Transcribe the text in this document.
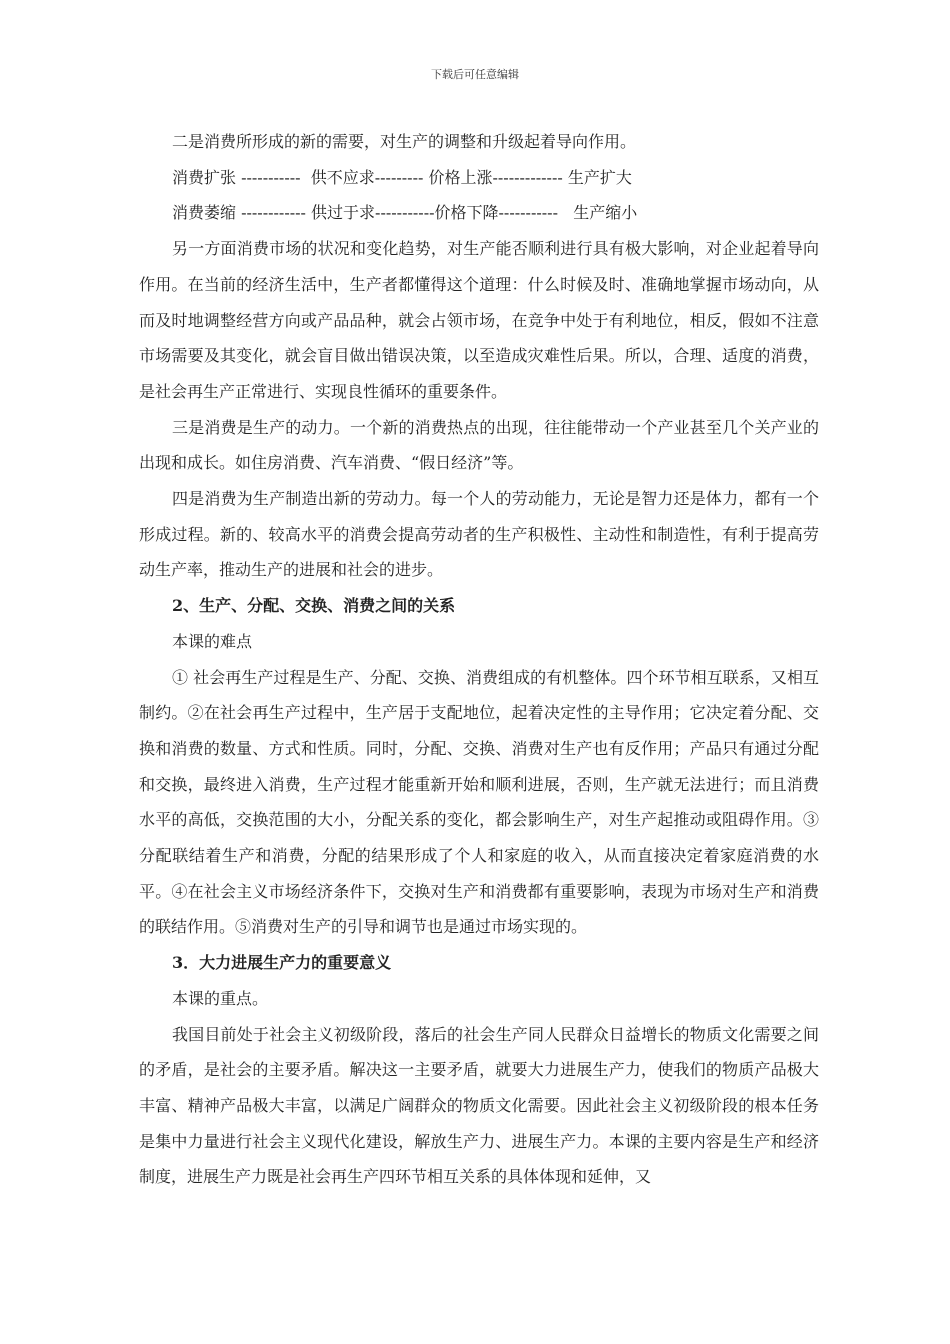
下载后可任意编辑

二是消费所形成的新的需要，对生产的调整和升级起着导向作用。

消费扩张 -----------  供不应求--------- 价格上涨------------- 生产扩大

消费萎缩 ------------ 供过于求-----------价格下降-----------   生产缩小

另一方面消费市场的状况和变化趋势，对生产能否顺利进行具有极大影响，对企业起着导向作用。在当前的经济生活中，生产者都懂得这个道理：什么时候及时、准确地掌握市场动向，从而及时地调整经营方向或产品品种，就会占领市场，在竞争中处于有利地位，相反，假如不注意市场需要及其变化，就会盲目做出错误决策，以至造成灾难性后果。所以，合理、适度的消费，是社会再生产正常进行、实现良性循环的重要条件。

三是消费是生产的动力。一个新的消费热点的出现，往往能带动一个产业甚至几个关产业的出现和成长。如住房消费、汽车消费、“假日经济”等。

四是消费为生产制造出新的劳动力。每一个人的劳动能力，无论是智力还是体力，都有一个形成过程。新的、较高水平的消费会提高劳动者的生产积极性、主动性和制造性，有利于提高劳动生产率，推动生产的进展和社会的进步。

2、生产、分配、交换、消费之间的关系

本课的难点

① 社会再生产过程是生产、分配、交换、消费组成的有机整体。四个环节相互联系，又相互制约。②在社会再生产过程中，生产居于支配地位，起着决定性的主导作用；它决定着分配、交换和消费的数量、方式和性质。同时，分配、交换、消费对生产也有反作用；产品只有通过分配和交换，最终进入消费，生产过程才能重新开始和顺利进展，否则，生产就无法进行；而且消费水平的高低，交换范围的大小，分配关系的变化，都会影响生产，对生产起推动或阻碍作用。③分配联结着生产和消费，分配的结果形成了个人和家庭的收入，从而直接决定着家庭消费的水平。④在社会主义市场经济条件下，交换对生产和消费都有重要影响，表现为市场对生产和消费的联结作用。⑤消费对生产的引导和调节也是通过市场实现的。

3．大力进展生产力的重要意义

本课的重点。

我国目前处于社会主义初级阶段，落后的社会生产同人民群众日益增长的物质文化需要之间的矛盾，是社会的主要矛盾。解决这一主要矛盾，就要大力进展生产力，使我们的物质产品极大丰富、精神产品极大丰富，以满足广阔群众的物质文化需要。因此社会主义初级阶段的根本任务是集中力量进行社会主义现代化建设，解放生产力、进展生产力。本课的主要内容是生产和经济制度，进展生产力既是社会再生产四环节相互关系的具体体现和延伸，又
